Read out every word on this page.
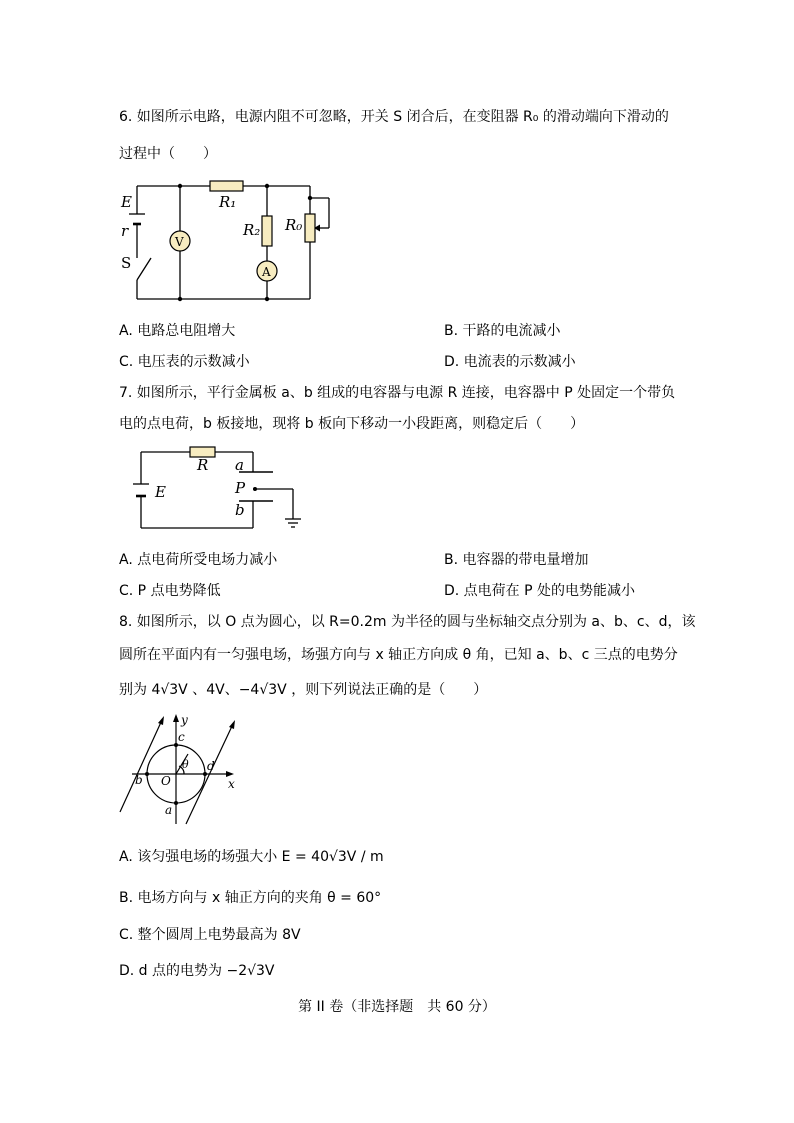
6. 如图所示电路，电源内阻不可忽略，开关 S 闭合后，在变阻器 R₀ 的滑动端向下滑动的
过程中（　　）
E
r
S
V
A
R₁
R₂ R₀
A. 电路总电阻增大	B. 干路的电流减小
C. 电压表的示数减小	D. 电流表的示数减小
7. 如图所示，平行金属板 a、b 组成的电容器与电源 R 连接，电容器中 P 处固定一个带负
电的点电荷，b 板接地，现将 b 板向下移动一小段距离，则稳定后（　　）
R
E
a
P
b
A. 点电荷所受电场力减小	B. 电容器的带电量增加
C. P 点电势降低	D. 点电荷在 P 处的电势能减小
8. 如图所示，以 O 点为圆心，以 R=0.2m 为半径的圆与坐标轴交点分别为 a、b、c、d，该
圆所在平面内有一匀强电场，场强方向与 x 轴正方向成 θ 角，已知 a、b、c 三点的电势分
别为 4√3V 、4V、−4√3V ，则下列说法正确的是（　　）
y
x
c
θ d
b O
a
A. 该匀强电场的场强大小 E = 40√3V / m
B. 电场方向与 x 轴正方向的夹角 θ = 60°
C. 整个圆周上电势最高为 8V
D. d 点的电势为 −2√3V
第 II 卷（非选择题　共 60 分）
